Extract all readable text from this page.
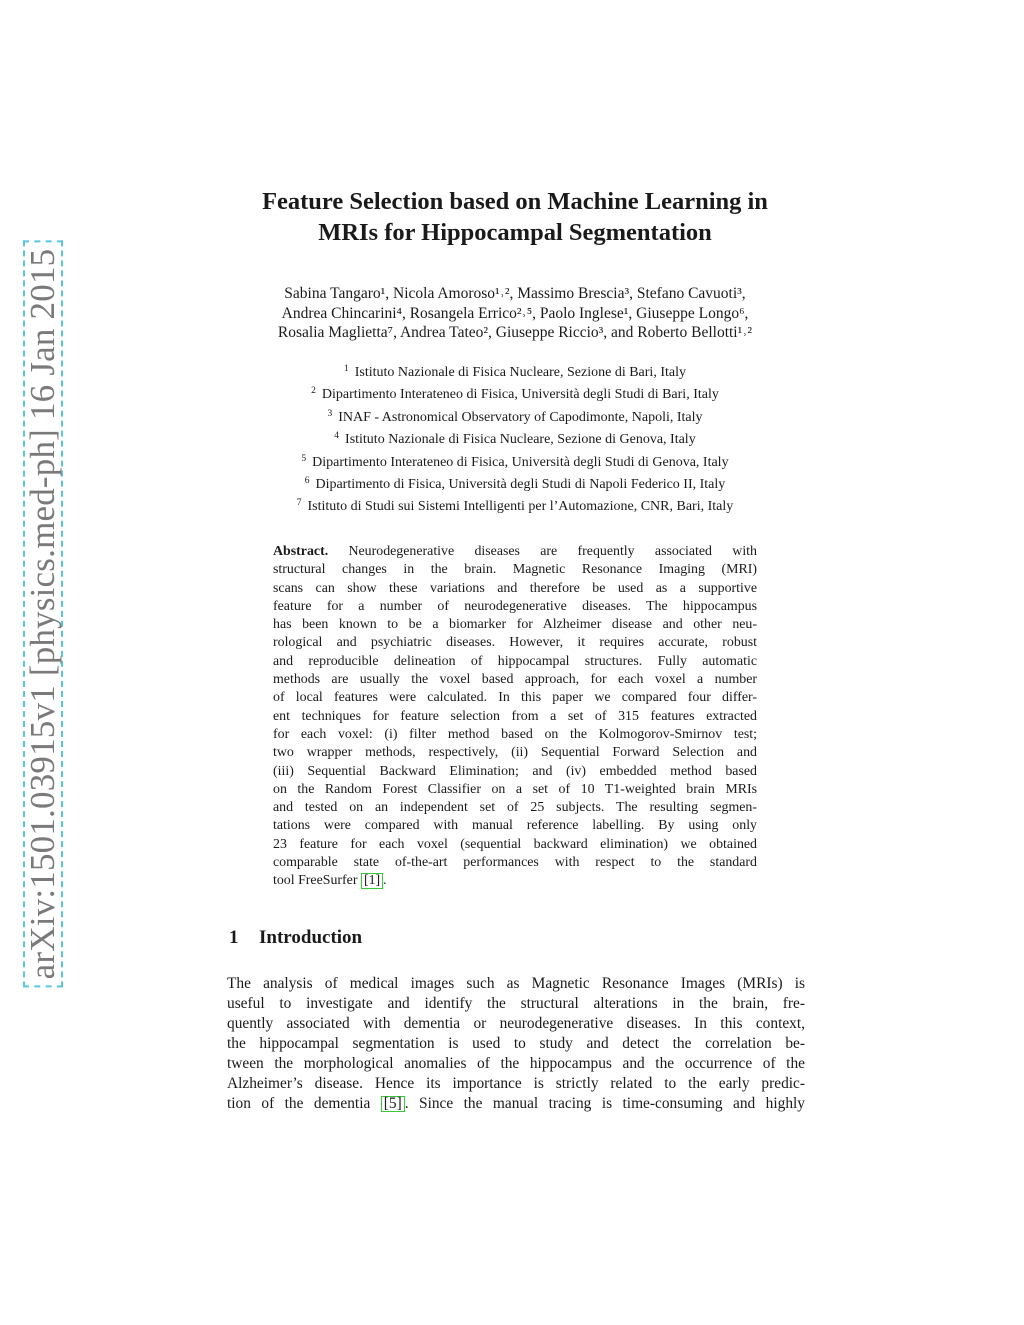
arXiv:1501.03915v1 [physics.med-ph] 16 Jan 2015
Feature Selection based on Machine Learning in
MRIs for Hippocampal Segmentation
Sabina Tangaro¹, Nicola Amoroso¹˒², Massimo Brescia³, Stefano Cavuoti³,
Andrea Chincarini⁴, Rosangela Errico²˒⁵, Paolo Inglese¹, Giuseppe Longo⁶,
Rosalia Maglietta⁷, Andrea Tateo², Giuseppe Riccio³, and Roberto Bellotti¹˒²
$^1$ Istituto Nazionale di Fisica Nucleare, Sezione di Bari, Italy
$^2$ Dipartimento Interateneo di Fisica, Università degli Studi di Bari, Italy
$^3$ INAF - Astronomical Observatory of Capodimonte, Napoli, Italy
$^4$ Istituto Nazionale di Fisica Nucleare, Sezione di Genova, Italy
$^5$ Dipartimento Interateneo di Fisica, Università degli Studi di Genova, Italy
$^6$ Dipartimento di Fisica, Università degli Studi di Napoli Federico II, Italy
$^7$ Istituto di Studi sui Sistemi Intelligenti per l’Automazione, CNR, Bari, Italy
Abstract. Neurodegenerative diseases are frequently associated with
structural changes in the brain. Magnetic Resonance Imaging (MRI)
scans can show these variations and therefore be used as a supportive
feature for a number of neurodegenerative diseases. The hippocampus
has been known to be a biomarker for Alzheimer disease and other neu-
rological and psychiatric diseases. However, it requires accurate, robust
and reproducible delineation of hippocampal structures. Fully automatic
methods are usually the voxel based approach, for each voxel a number
of local features were calculated. In this paper we compared four differ-
ent techniques for feature selection from a set of 315 features extracted
for each voxel: (i) filter method based on the Kolmogorov-Smirnov test;
two wrapper methods, respectively, (ii) Sequential Forward Selection and
(iii) Sequential Backward Elimination; and (iv) embedded method based
on the Random Forest Classifier on a set of 10 T1-weighted brain MRIs
and tested on an independent set of 25 subjects. The resulting segmen-
tations were compared with manual reference labelling. By using only
23 feature for each voxel (sequential backward elimination) we obtained
comparable state of-the-art performances with respect to the standard
tool FreeSurfer [1] .
1 Introduction
The analysis of medical images such as Magnetic Resonance Images (MRIs) is
useful to investigate and identify the structural alterations in the brain, fre-
quently associated with dementia or neurodegenerative diseases. In this context,
the hippocampal segmentation is used to study and detect the correlation be-
tween the morphological anomalies of the hippocampus and the occurrence of the
Alzheimer’s disease. Hence its importance is strictly related to the early predic-
tion of the dementia [5] . Since the manual tracing is time-consuming and highly
